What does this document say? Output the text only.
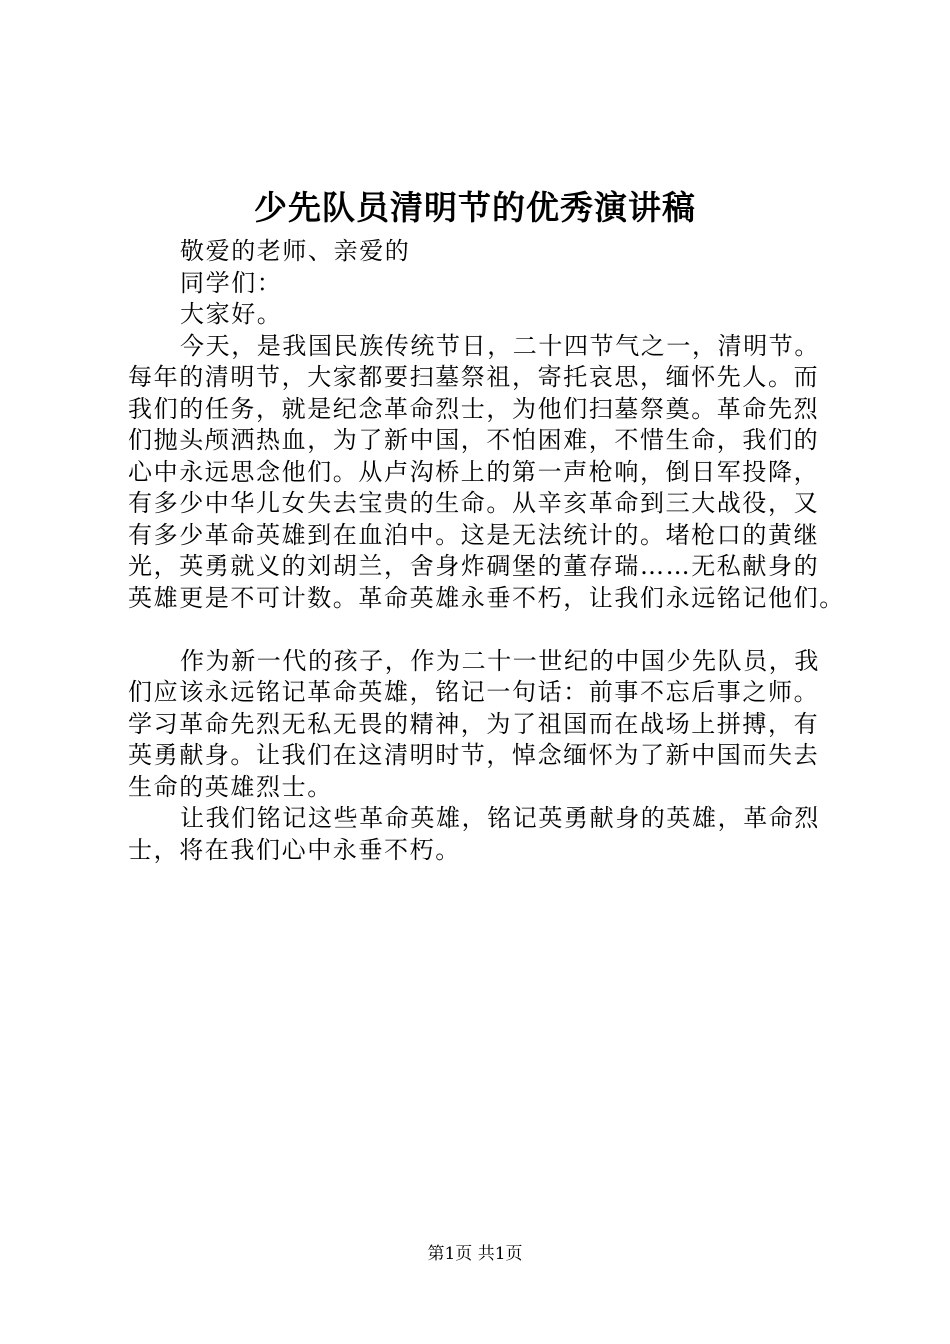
少先队员清明节的优秀演讲稿
敬爱的老师、亲爱的
同学们：
大家好。
今天，是我国民族传统节日，二十四节气之一，清明节。
每年的清明节，大家都要扫墓祭祖，寄托哀思，缅怀先人。而
我们的任务，就是纪念革命烈士，为他们扫墓祭奠。革命先烈
们抛头颅洒热血，为了新中国，不怕困难，不惜生命，我们的
心中永远思念他们。从卢沟桥上的第一声枪响，倒日军投降，
有多少中华儿女失去宝贵的生命。从辛亥革命到三大战役，又
有多少革命英雄到在血泊中。这是无法统计的。堵枪口的黄继
光，英勇就义的刘胡兰，舍身炸碉堡的董存瑞……无私献身的
英雄更是不可计数。革命英雄永垂不朽，让我们永远铭记他们。
作为新一代的孩子，作为二十一世纪的中国少先队员，我
们应该永远铭记革命英雄，铭记一句话：前事不忘后事之师。
学习革命先烈无私无畏的精神，为了祖国而在战场上拼搏，有
英勇献身。让我们在这清明时节，悼念缅怀为了新中国而失去
生命的英雄烈士。
让我们铭记这些革命英雄，铭记英勇献身的英雄，革命烈
士，将在我们心中永垂不朽。
第1页 共1页
